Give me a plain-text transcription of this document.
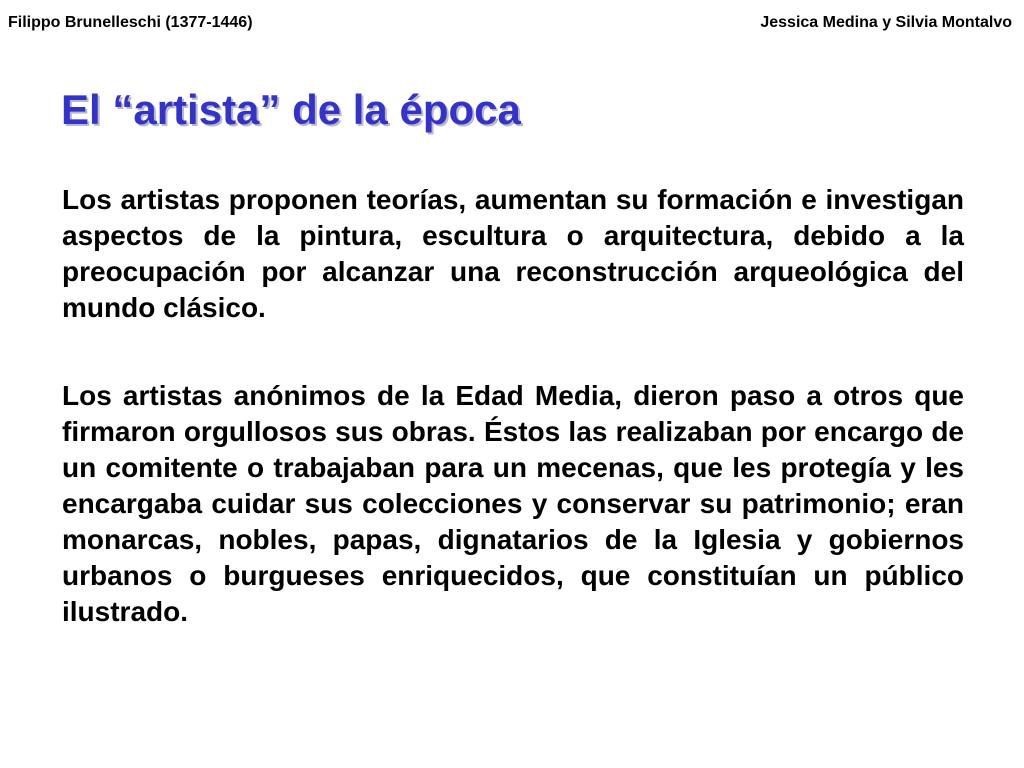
Filippo Brunelleschi (1377-1446)	Jessica Medina y Silvia Montalvo
El “artista” de la época

Los artistas proponen teorías, aumentan su formación e investigan aspectos de la pintura, escultura o arquitectura, debido a la preocupación por alcanzar una reconstrucción arqueológica del mundo clásico.

Los artistas anónimos de la Edad Media, dieron paso a otros que firmaron orgullosos sus obras. Éstos las realizaban por encargo de un comitente o trabajaban para un mecenas, que les protegía y les encargaba cuidar sus colecciones y conservar su patrimonio; eran monarcas, nobles, papas, dignatarios de la Iglesia y gobiernos urbanos o burgueses enriquecidos, que constituían un público ilustrado.
